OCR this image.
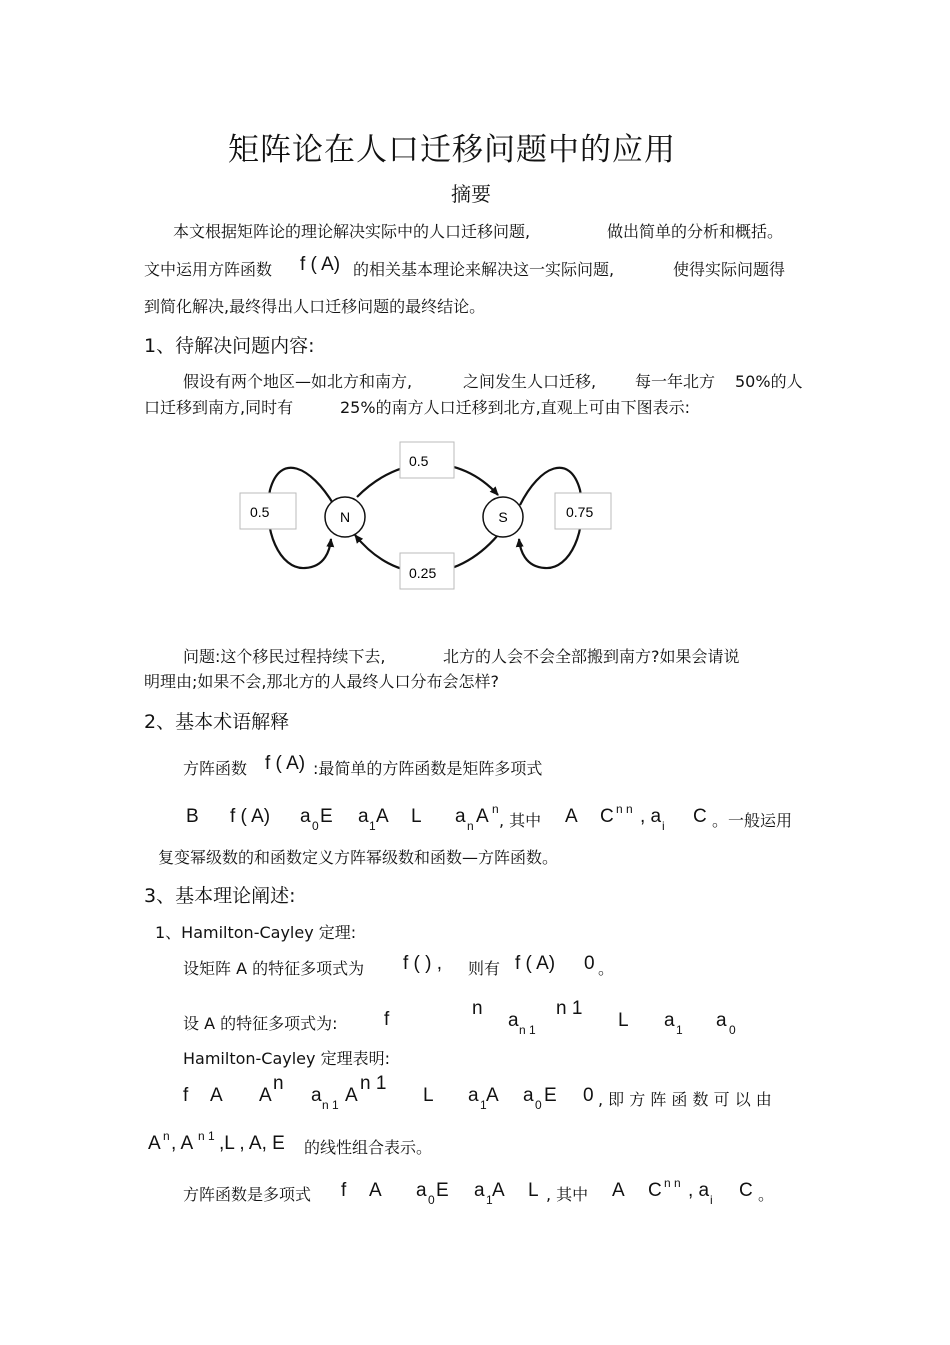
矩阵论在人口迁移问题中的应用
摘要
本文根据矩阵论的理论解决实际中的人口迁移问题,	做出简单的分析和概括。
文中运用方阵函数 f ( A) 的相关基本理论来解决这一实际问题,	使得实际问题得
到简化解决,最终得出人口迁移问题的最终结论。
1、待解决问题内容:
假设有两个地区—如北方和南方,	之间发生人口迁移, 每一年北方 50%的人
口迁移到南方,同时有	25%的南方人口迁移到北方,直观上可由下图表示:
N	S
0.5
0.25
0.5	0.75
问题:这个移民过程持续下去,	北方的人会不会全部搬到南方?如果会请说
明理由;如果不会,那北方的人最终人口分布会怎样?
2、基本术语解释
方阵函数 f ( A) :最简单的方阵函数是矩阵多项式
B f ( A) a 0 E a 1 A L a n A n
, 其中 A C n n , a i C 。一般运用
复变幂级数的和函数定义方阵幂级数和函数—方阵函数。
3、基本理论阐述:
1、Hamilton-Cayley 定理:
设矩阵 A 的特征多项式为 f ( ) , 则有 f ( A) 0 。
设 A 的特征多项式为: f
n
a n 1
n 1
L a 1 a 0
Hamilton-Cayley 定理表明:
f A A
n
a n 1 A
n 1
L a 1 A a 0 E 0 , 即 方 阵 函 数 可 以 由
A n , A n 1 ,L , A, E 的线性组合表示。
方阵函数是多项式 f A a 0 E a 1 A L , 其中 A C n n , a i C 。
